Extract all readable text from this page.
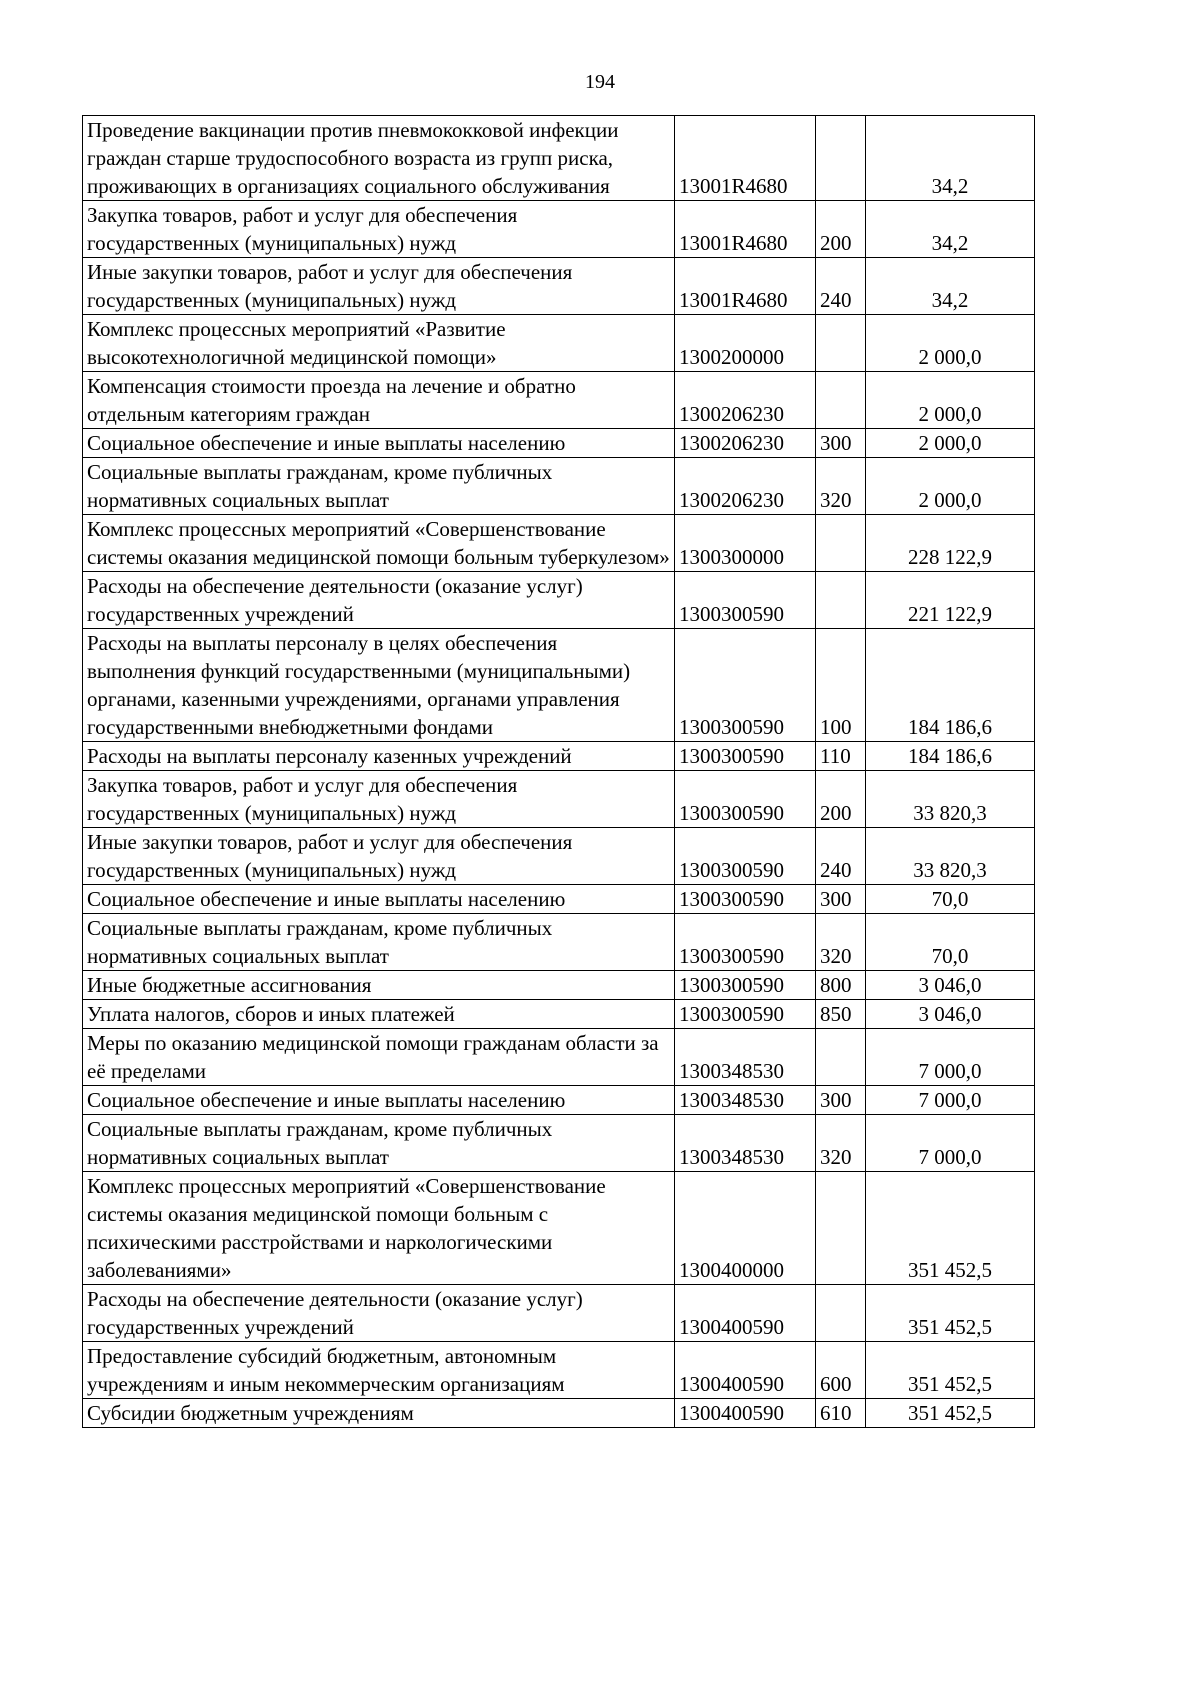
194
Проведение вакцинации против пневмококковой инфекции граждан старше трудоспособного возраста из групп риска, проживающих в организациях социального обслуживания	13001R4680		34,2
Закупка товаров, работ и услуг для обеспечения государственных (муниципальных) нужд	13001R4680	200	34,2
Иные закупки товаров, работ и услуг для обеспечения государственных (муниципальных) нужд	13001R4680	240	34,2
Комплекс процессных мероприятий «Развитие высокотехнологичной медицинской помощи»	1300200000		2 000,0
Компенсация стоимости проезда на лечение и обратно отдельным категориям граждан	1300206230		2 000,0
Социальное обеспечение и иные выплаты населению	1300206230	300	2 000,0
Социальные выплаты гражданам, кроме публичных нормативных социальных выплат	1300206230	320	2 000,0
Комплекс процессных мероприятий «Совершенствование системы оказания медицинской помощи больным туберкулезом»	1300300000		228 122,9
Расходы на обеспечение деятельности (оказание услуг) государственных учреждений	1300300590		221 122,9
Расходы на выплаты персоналу в целях обеспечения выполнения функций государственными (муниципальными) органами, казенными учреждениями, органами управления государственными внебюджетными фондами	1300300590	100	184 186,6
Расходы на выплаты персоналу казенных учреждений	1300300590	110	184 186,6
Закупка товаров, работ и услуг для обеспечения государственных (муниципальных) нужд	1300300590	200	33 820,3
Иные закупки товаров, работ и услуг для обеспечения государственных (муниципальных) нужд	1300300590	240	33 820,3
Социальное обеспечение и иные выплаты населению	1300300590	300	70,0
Социальные выплаты гражданам, кроме публичных нормативных социальных выплат	1300300590	320	70,0
Иные бюджетные ассигнования	1300300590	800	3 046,0
Уплата налогов, сборов и иных платежей	1300300590	850	3 046,0
Меры по оказанию медицинской помощи гражданам области за её пределами	1300348530		7 000,0
Социальное обеспечение и иные выплаты населению	1300348530	300	7 000,0
Социальные выплаты гражданам, кроме публичных нормативных социальных выплат	1300348530	320	7 000,0
Комплекс процессных мероприятий «Совершенствование системы оказания медицинской помощи больным с психическими расстройствами и наркологическими заболеваниями»	1300400000		351 452,5
Расходы на обеспечение деятельности (оказание услуг) государственных учреждений	1300400590		351 452,5
Предоставление субсидий бюджетным, автономным учреждениям и иным некоммерческим организациям	1300400590	600	351 452,5
Субсидии бюджетным учреждениям	1300400590	610	351 452,5
